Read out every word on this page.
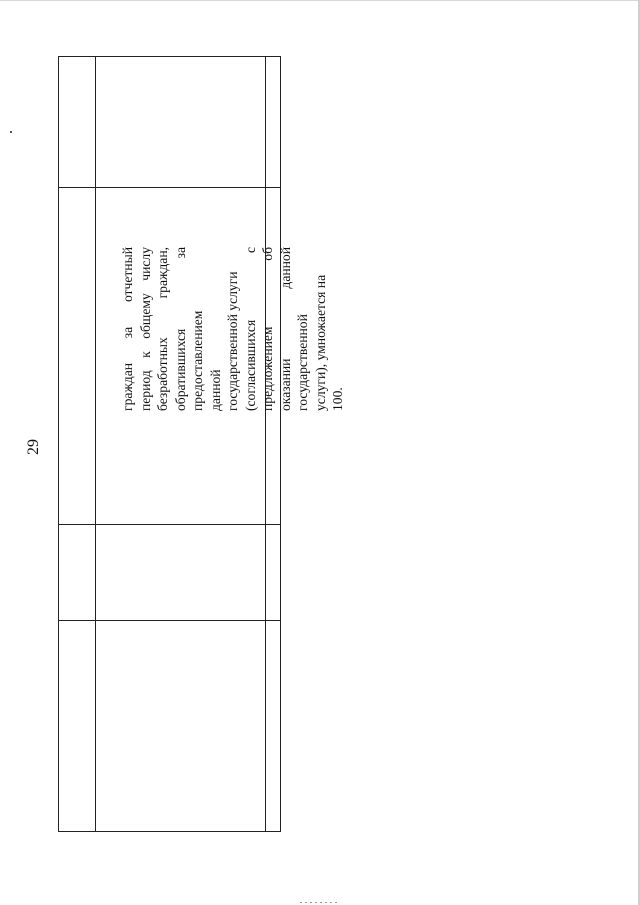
29
граждан за отчетный период к общему числу безработных граждан, обратившихся за предоставлением данной государственной услуги (согласившихся с предложением об оказании данной государственной услуги), умножается на 100.
